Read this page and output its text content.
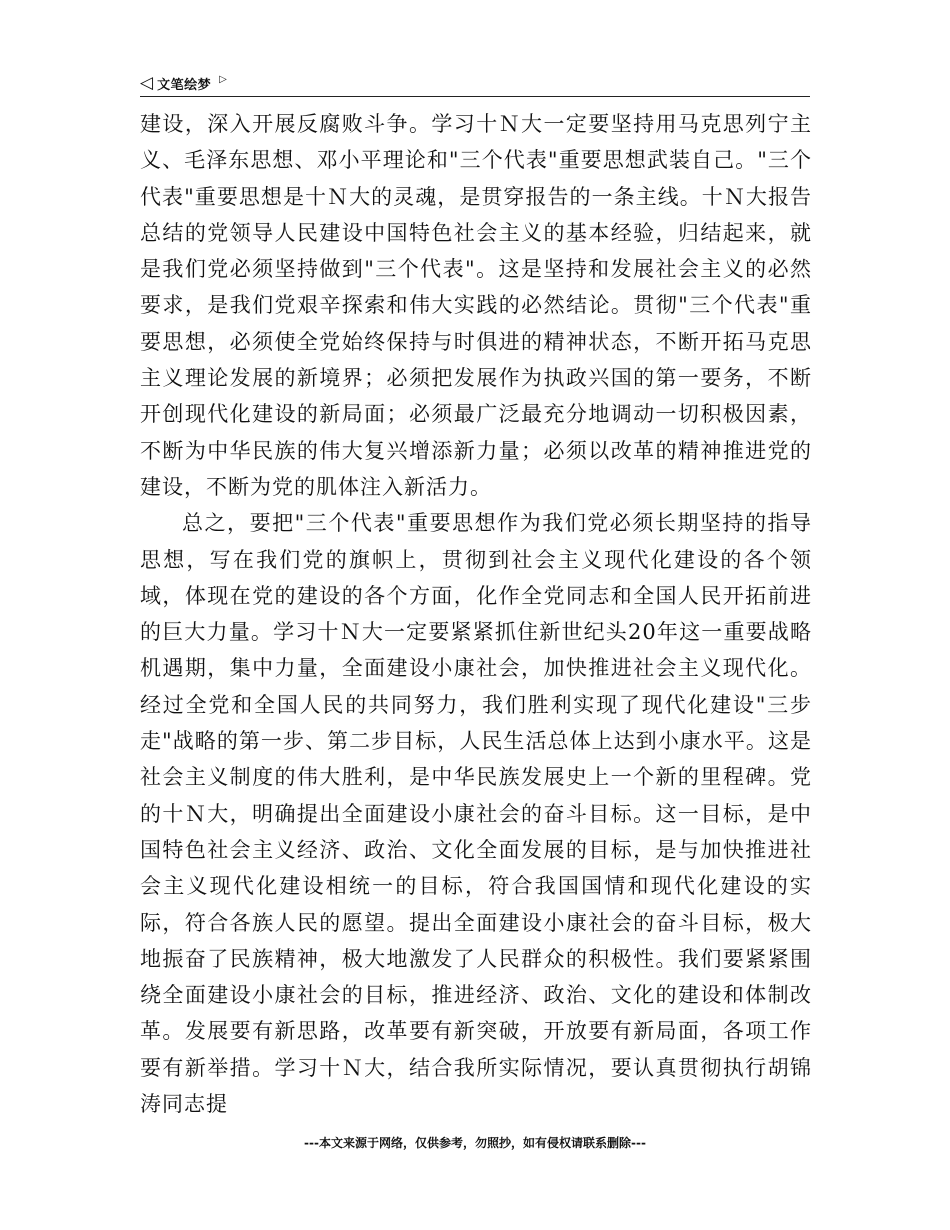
◁ 文笔绘梦 ▷

建设，深入开展反腐败斗争。学习十Ｎ大一定要坚持用马克思列宁主义、毛泽东思想、邓小平理论和"三个代表"重要思想武装自己。"三个代表"重要思想是十Ｎ大的灵魂，是贯穿报告的一条主线。十Ｎ大报告总结的党领导人民建设中国特色社会主义的基本经验，归结起来，就是我们党必须坚持做到"三个代表"。这是坚持和发展社会主义的必然要求，是我们党艰辛探索和伟大实践的必然结论。贯彻"三个代表"重要思想，必须使全党始终保持与时俱进的精神状态，不断开拓马克思主义理论发展的新境界；必须把发展作为执政兴国的第一要务，不断开创现代化建设的新局面；必须最广泛最充分地调动一切积极因素，不断为中华民族的伟大复兴增添新力量；必须以改革的精神推进党的建设，不断为党的肌体注入新活力。

总之，要把"三个代表"重要思想作为我们党必须长期坚持的指导思想，写在我们党的旗帜上，贯彻到社会主义现代化建设的各个领域，体现在党的建设的各个方面，化作全党同志和全国人民开拓前进的巨大力量。学习十Ｎ大一定要紧紧抓住新世纪头20年这一重要战略机遇期，集中力量，全面建设小康社会，加快推进社会主义现代化。经过全党和全国人民的共同努力，我们胜利实现了现代化建设"三步走"战略的第一步、第二步目标，人民生活总体上达到小康水平。这是社会主义制度的伟大胜利，是中华民族发展史上一个新的里程碑。党的十Ｎ大，明确提出全面建设小康社会的奋斗目标。这一目标，是中国特色社会主义经济、政治、文化全面发展的目标，是与加快推进社会主义现代化建设相统一的目标，符合我国国情和现代化建设的实际，符合各族人民的愿望。提出全面建设小康社会的奋斗目标，极大地振奋了民族精神，极大地激发了人民群众的积极性。我们要紧紧围绕全面建设小康社会的目标，推进经济、政治、文化的建设和体制改革。发展要有新思路，改革要有新突破，开放要有新局面，各项工作要有新举措。学习十Ｎ大，结合我所实际情况，要认真贯彻执行胡锦涛同志提

---本文来源于网络，仅供参考，勿照抄，如有侵权请联系删除---
